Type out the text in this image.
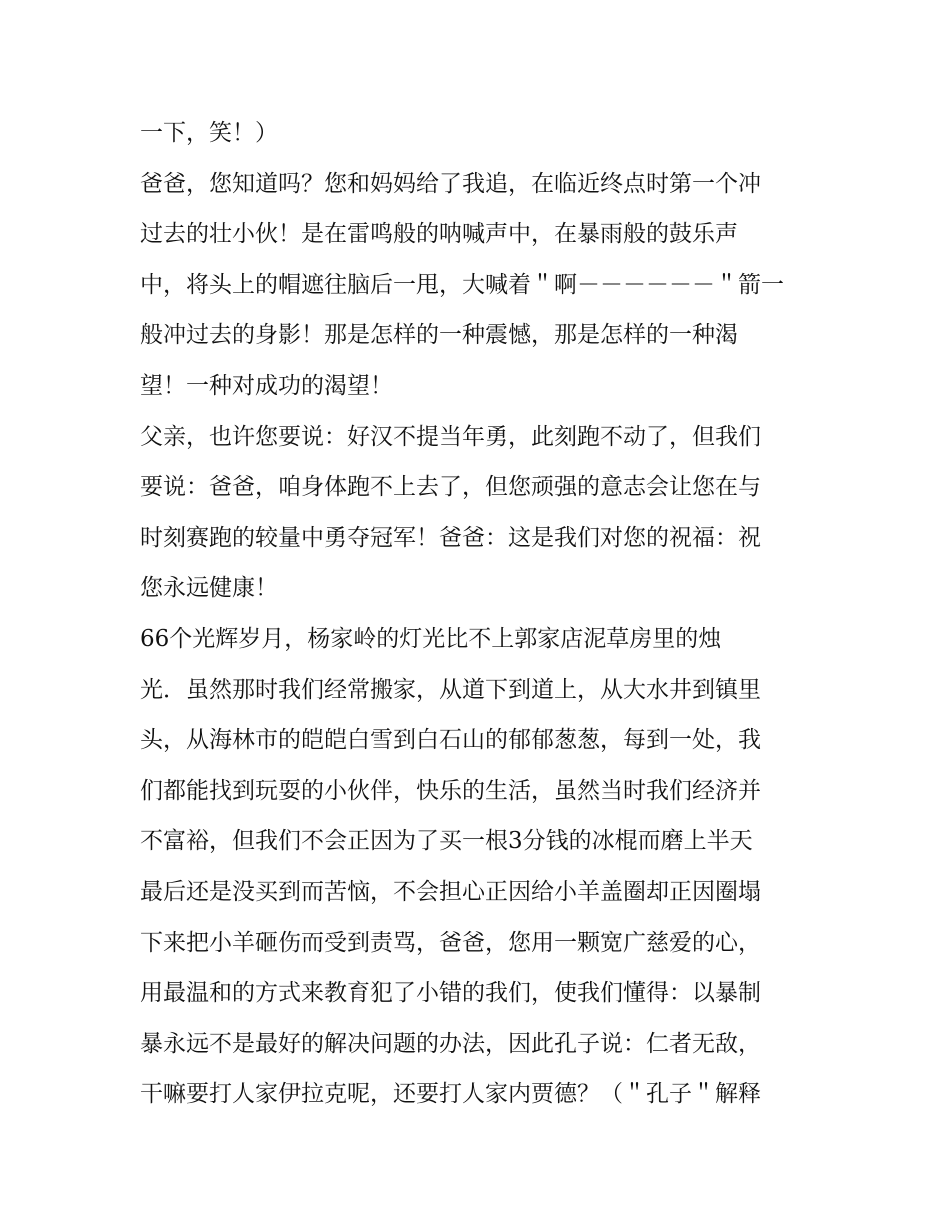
一下，笑！）
爸爸，您知道吗？您和妈妈给了我追，在临近终点时第一个冲
过去的壮小伙！是在雷鸣般的呐喊声中，在暴雨般的鼓乐声
中，将头上的帽遮往脑后一甩，大喊着＂啊－－－－－－＂箭一
般冲过去的身影！那是怎样的一种震憾，那是怎样的一种渴
望！一种对成功的渴望！
父亲，也许您要说：好汉不提当年勇，此刻跑不动了，但我们
要说：爸爸，咱身体跑不上去了，但您顽强的意志会让您在与
时刻赛跑的较量中勇夺冠军！爸爸：这是我们对您的祝福：祝
您永远健康！
66个光辉岁月，杨家岭的灯光比不上郭家店泥草房里的烛
光．虽然那时我们经常搬家，从道下到道上，从大水井到镇里
头，从海林市的皑皑白雪到白石山的郁郁葱葱，每到一处，我
们都能找到玩耍的小伙伴，快乐的生活，虽然当时我们经济并
不富裕，但我们不会正因为了买一根3分钱的冰棍而磨上半天
最后还是没买到而苦恼，不会担心正因给小羊盖圈却正因圈塌
下来把小羊砸伤而受到责骂，爸爸，您用一颗宽广慈爱的心，
用最温和的方式来教育犯了小错的我们，使我们懂得：以暴制
暴永远不是最好的解决问题的办法，因此孔子说：仁者无敌，
干嘛要打人家伊拉克呢，还要打人家内贾德？（＂孔子＂解释
